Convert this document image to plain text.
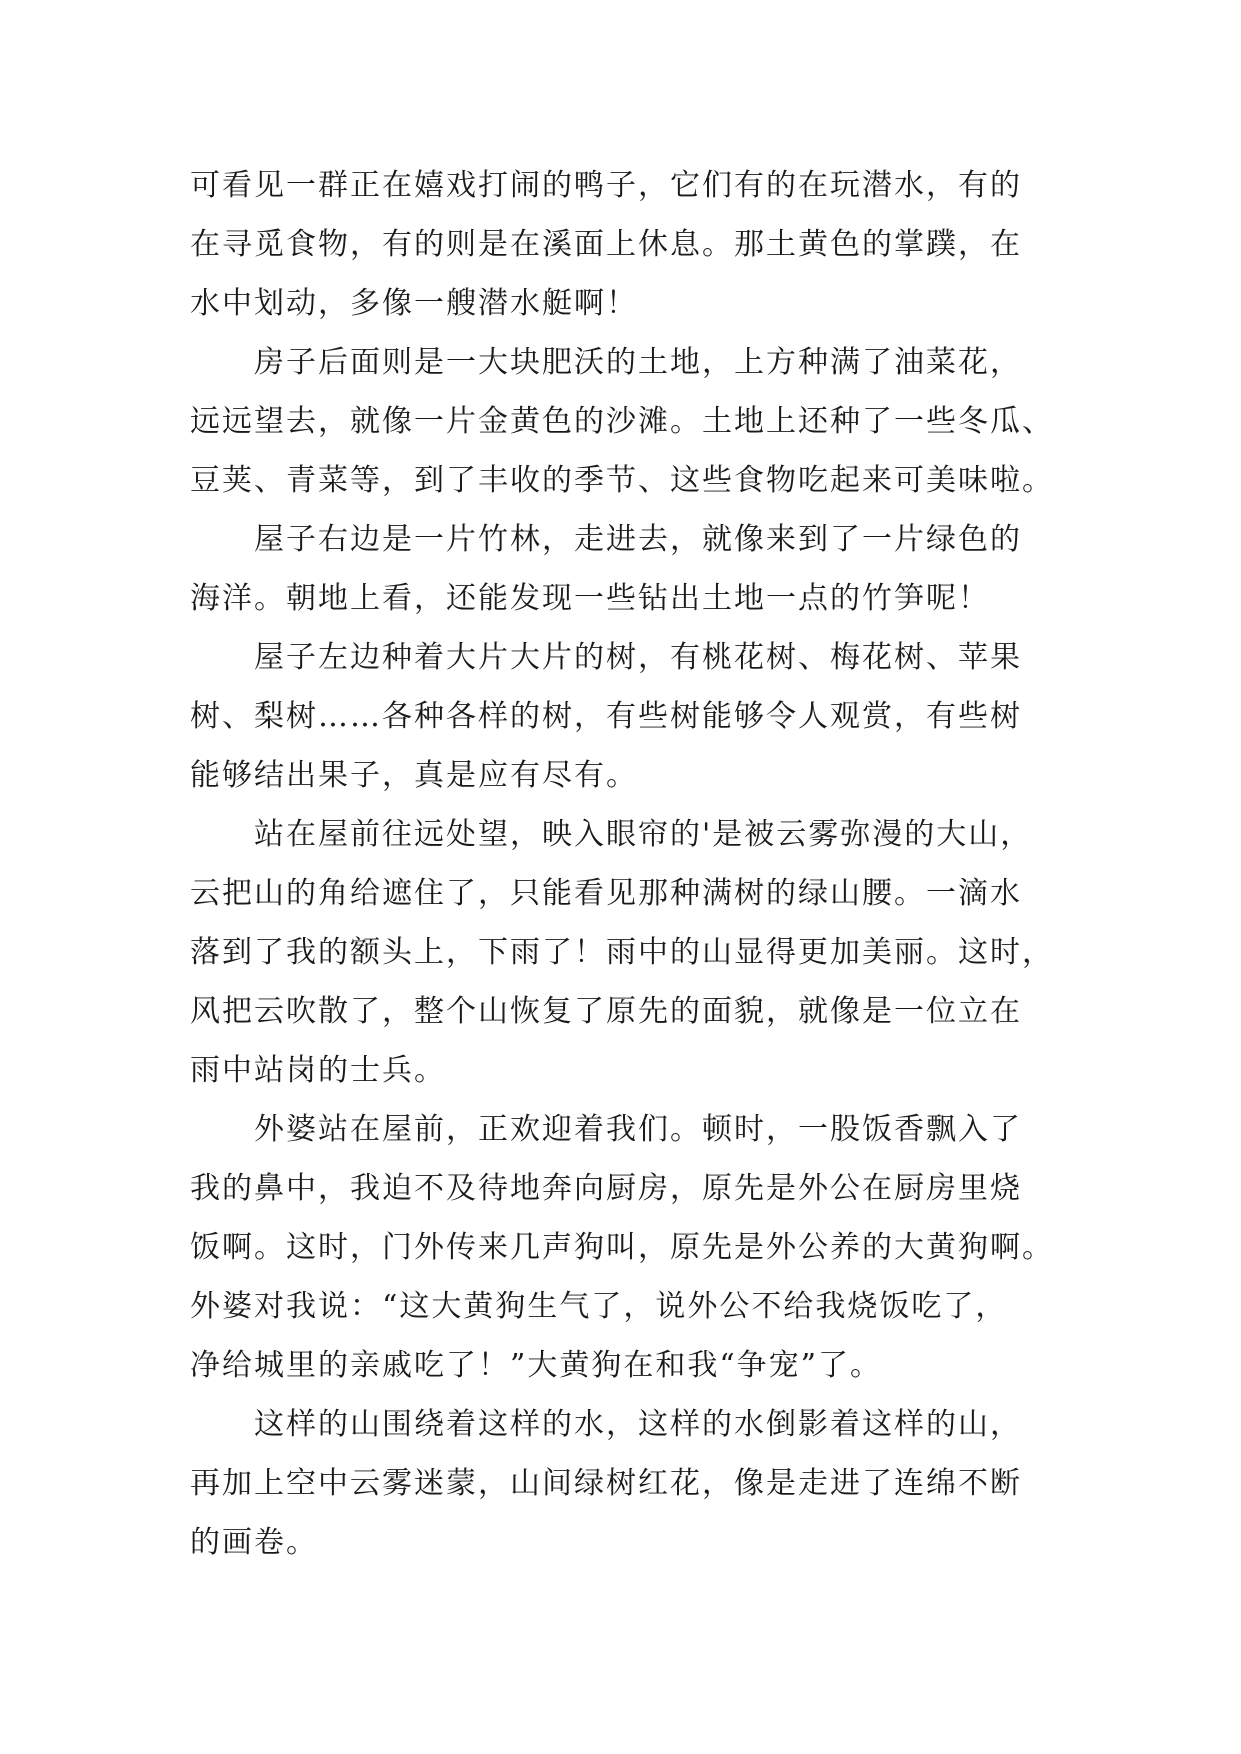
可看见一群正在嬉戏打闹的鸭子，它们有的在玩潜水，有的
在寻觅食物，有的则是在溪面上休息。那土黄色的掌蹼，在
水中划动，多像一艘潜水艇啊！
房子后面则是一大块肥沃的土地，上方种满了油菜花，
远远望去，就像一片金黄色的沙滩。土地上还种了一些冬瓜、
豆荚、青菜等，到了丰收的季节、这些食物吃起来可美味啦。
屋子右边是一片竹林，走进去，就像来到了一片绿色的
海洋。朝地上看，还能发现一些钻出土地一点的竹笋呢！
屋子左边种着大片大片的树，有桃花树、梅花树、苹果
树、梨树……各种各样的树，有些树能够令人观赏，有些树
能够结出果子，真是应有尽有。
站在屋前往远处望，映入眼帘的'是被云雾弥漫的大山，
云把山的角给遮住了，只能看见那种满树的绿山腰。一滴水
落到了我的额头上，下雨了！雨中的山显得更加美丽。这时，
风把云吹散了，整个山恢复了原先的面貌，就像是一位立在
雨中站岗的士兵。
外婆站在屋前，正欢迎着我们。顿时，一股饭香飘入了
我的鼻中，我迫不及待地奔向厨房，原先是外公在厨房里烧
饭啊。这时，门外传来几声狗叫，原先是外公养的大黄狗啊。
外婆对我说：“这大黄狗生气了，说外公不给我烧饭吃了，
净给城里的亲戚吃了！”大黄狗在和我“争宠”了。
这样的山围绕着这样的水，这样的水倒影着这样的山，
再加上空中云雾迷蒙，山间绿树红花，像是走进了连绵不断
的画卷。
